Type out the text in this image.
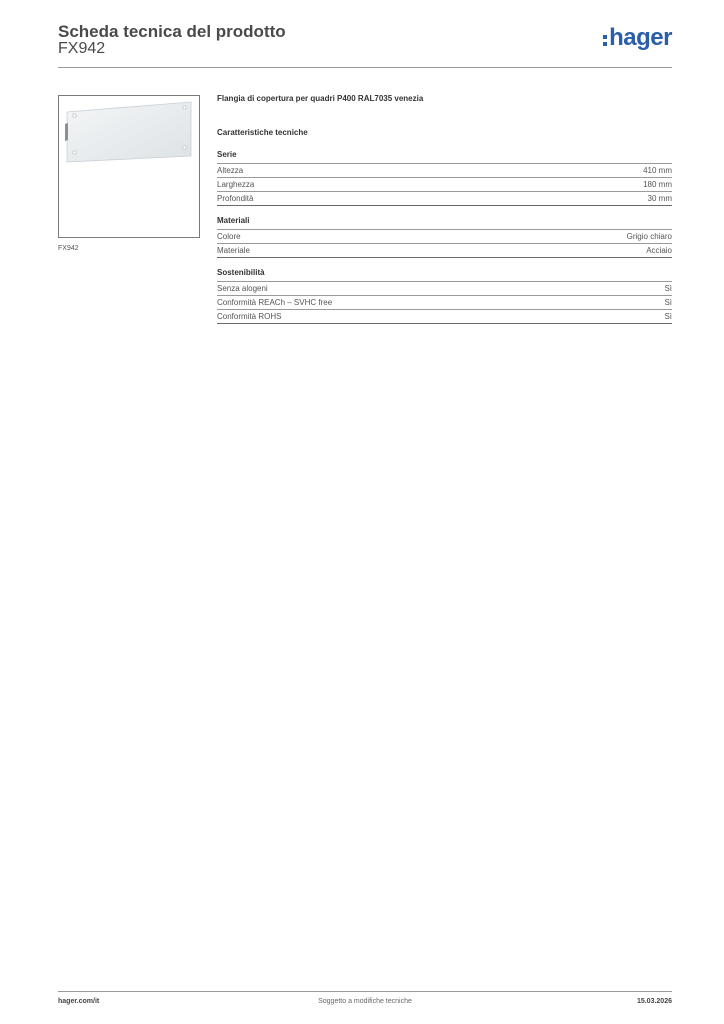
Scheda tecnica del prodotto
FX942	hager
FX942
Flangia di copertura per quadri P400 RAL7035 venezia
Caratteristiche tecniche
Serie
Altezza	410 mm
Larghezza	180 mm
Profondità	30 mm
Materiali
Colore	Grigio chiaro
Materiale	Acciaio
Sostenibilità
Senza alogeni	Sì
Conformità REACh – SVHC free	Sì
Conformità ROHS	Sì
hager.com/it	Soggetto a modifiche tecniche	15.03.2026
